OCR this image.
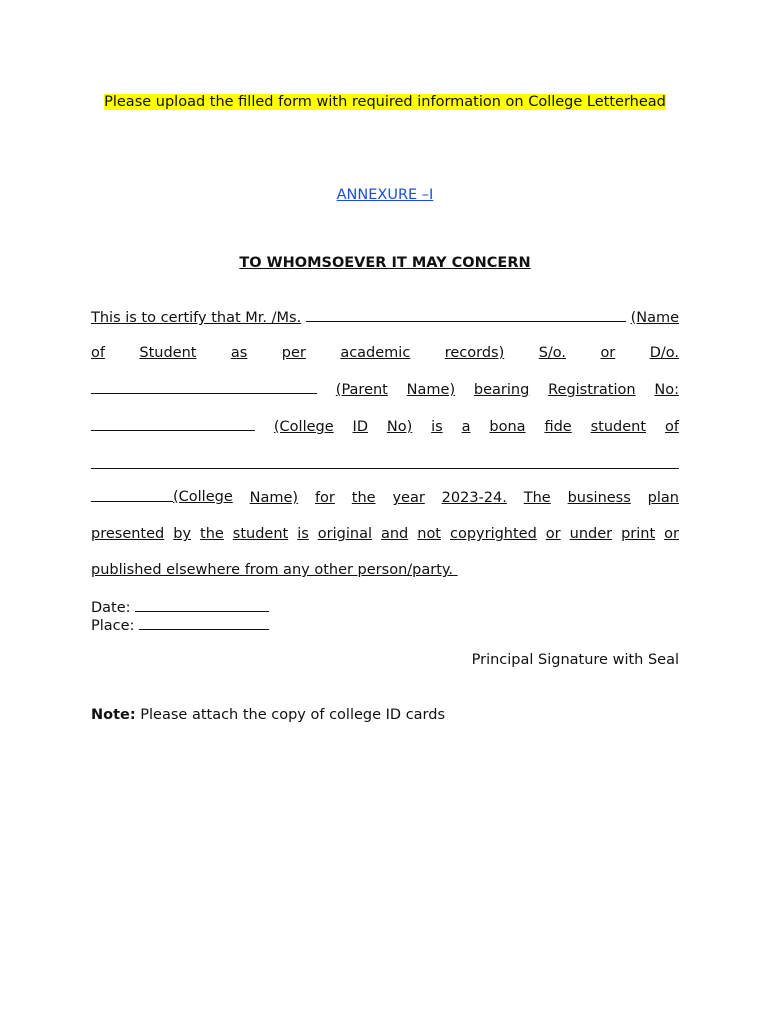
Please upload the filled form with required information on College Letterhead
ANNEXURE –I
TO WHOMSOEVER IT MAY CONCERN
This is to certify that Mr. /Ms.	(Name
of Student as per academic records) S/o. or D/o.
(Parent Name) bearing Registration No:
(College ID No) is a bona fide student of
(College Name) for the year 2023-24. The business plan
presented by the student is original and not copyrighted or under print or
published elsewhere from any other person/party.
Date:
Place:
Principal Signature with Seal
Note: Please attach the copy of college ID cards
